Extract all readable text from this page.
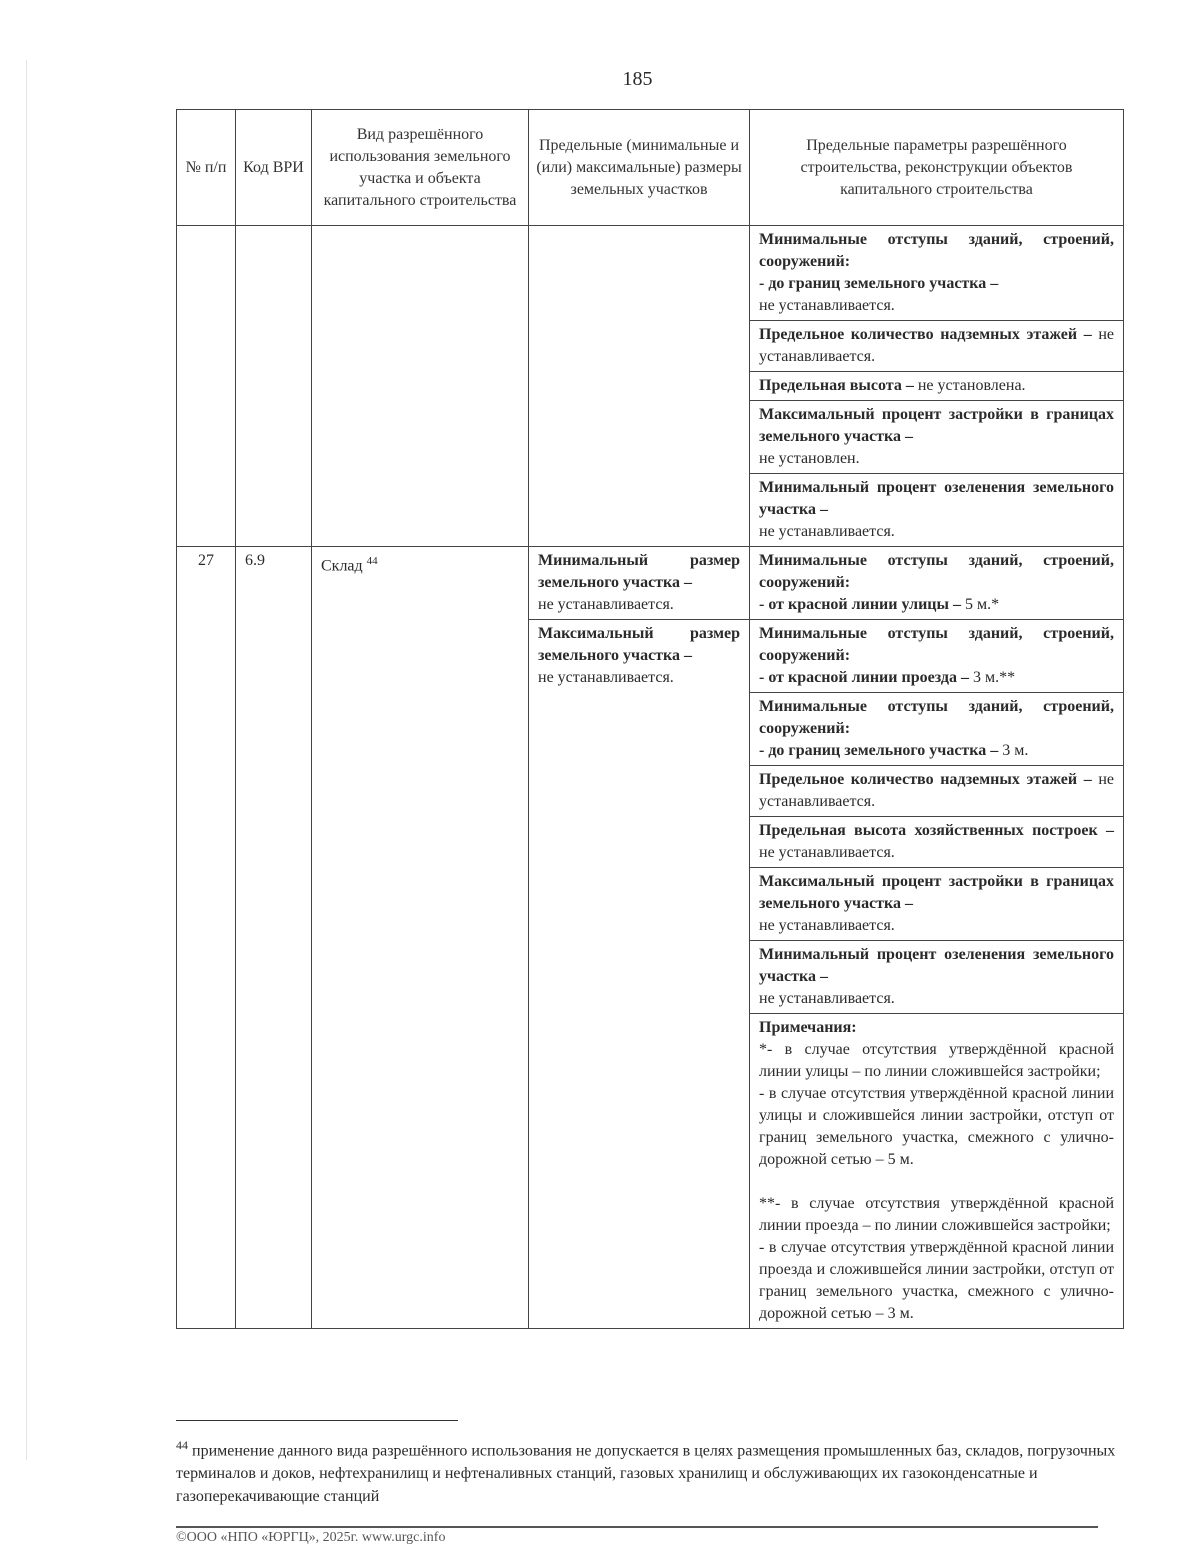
185
№ п/п	Код ВРИ	Вид разрешённого использования земельного участка и объекта капитального строительства	Предельные (минимальные и (или) максимальные) размеры земельных участков	Предельные параметры разрешённого строительства, реконструкции объектов капитального строительства
				Минимальные отступы зданий, строений, сооружений:
- до границ земельного участка –
не устанавливается.
				Предельное количество надземных этажей – не устанавливается.
				Предельная высота – не установлена.
				Максимальный процент застройки в границах земельного участка –
не установлен.
				Минимальный процент озеленения земельного участка –
не устанавливается.
27	6.9	Склад $^{44}$	Минимальный размер земельного участка –
не устанавливается.	Минимальные отступы зданий, строений, сооружений:
- от красной линии улицы – 5 м.*
			Максимальный размер земельного участка –
не устанавливается.	Минимальные отступы зданий, строений, сооружений:
- от красной линии проезда – 3 м.**
				Минимальные отступы зданий, строений, сооружений:
- до границ земельного участка – 3 м.
				Предельное количество надземных этажей – не устанавливается.
				Предельная высота хозяйственных построек – не устанавливается.
				Максимальный процент застройки в границах земельного участка –
не устанавливается.
				Минимальный процент озеленения земельного участка –
не устанавливается.
				Примечания:
*- в случае отсутствия утверждённой красной линии улицы – по линии сложившейся застройки;
- в случае отсутствия утверждённой красной линии улицы и сложившейся линии застройки, отступ от границ земельного участка, смежного с улично-дорожной сетью – 5 м.
**- в случае отсутствия утверждённой красной линии проезда – по линии сложившейся застройки;
- в случае отсутствия утверждённой красной линии проезда и сложившейся линии застройки, отступ от границ земельного участка, смежного с улично-дорожной сетью – 3 м.
$^{44}$ применение данного вида разрешённого использования не допускается в целях размещения промышленных баз, складов, погрузочных терминалов и доков, нефтехранилищ и нефтеналивных станций, газовых хранилищ и обслуживающих их газоконденсатные и газоперекачивающие станций
©ООО «НПО «ЮРГЦ», 2025г. www.urgc.info
